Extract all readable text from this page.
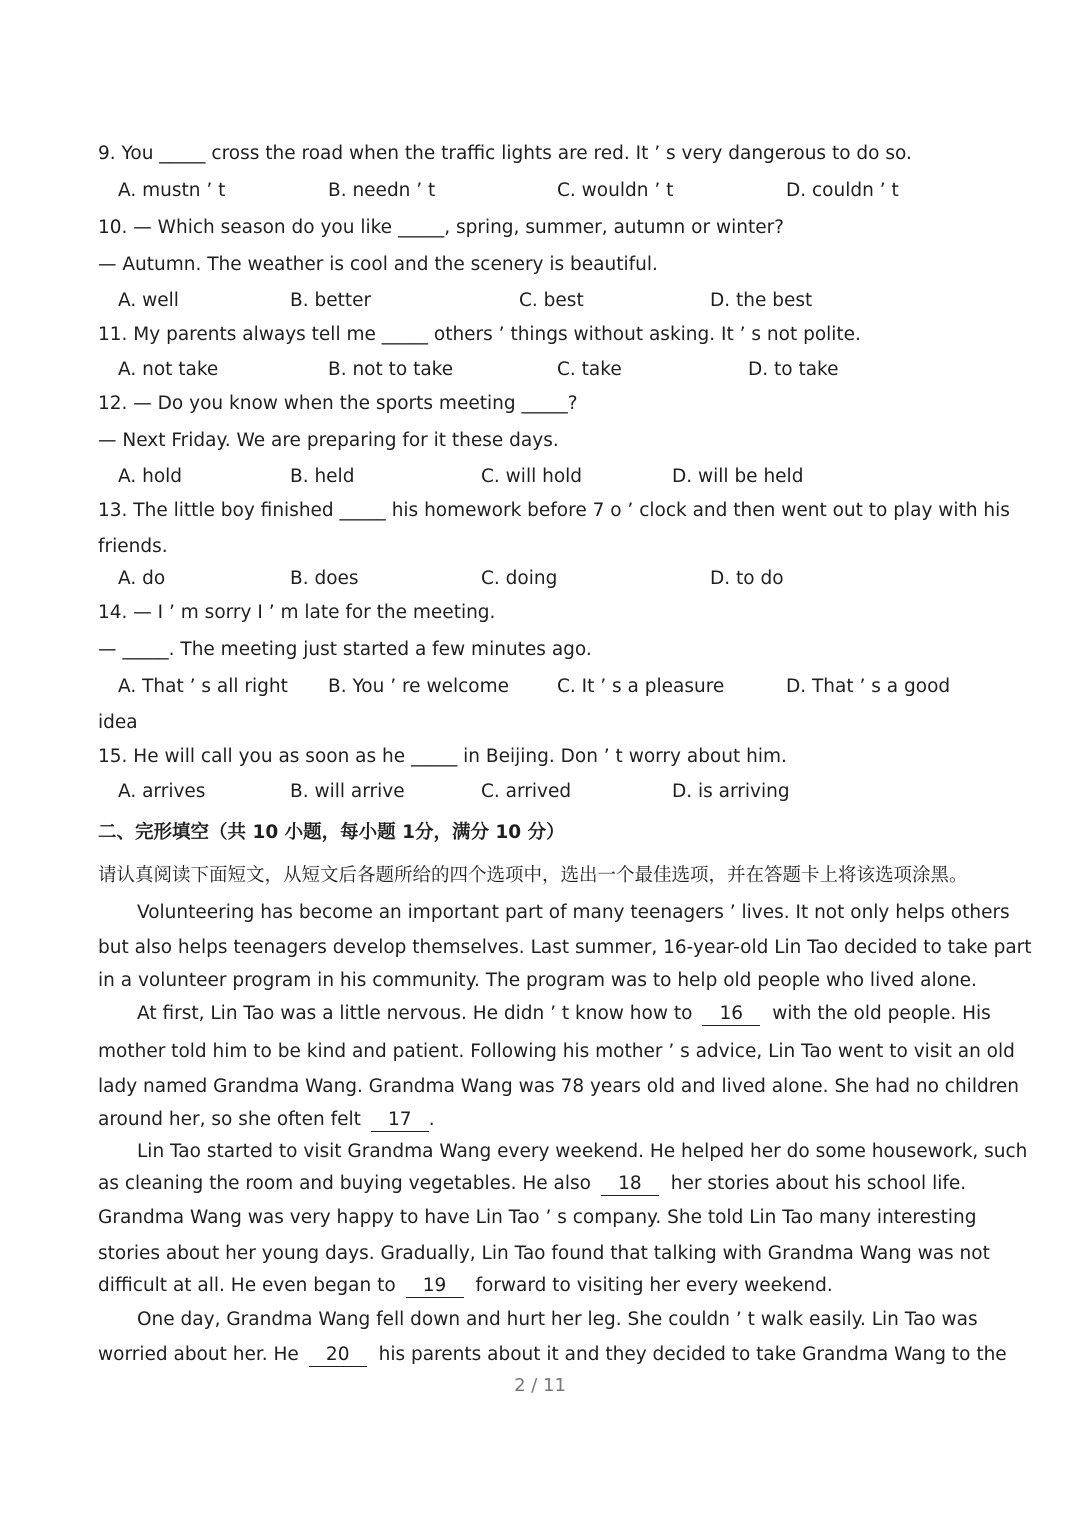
9. You _____ cross the road when the traffic lights are red. It ’ s very dangerous to do so.
A. mustn ’ t	B. needn ’ t	C. wouldn ’ t	D. couldn ’ t
10. — Which season do you like _____, spring, summer, autumn or winter?
— Autumn. The weather is cool and the scenery is beautiful.
A. well	B. better	C. best	D. the best
11. My parents always tell me _____ others ’ things without asking. It ’ s not polite.
A. not take	B. not to take	C. take	D. to take
12. — Do you know when the sports meeting _____?
— Next Friday. We are preparing for it these days.
A. hold	B. held	C. will hold	D. will be held
13. The little boy finished _____ his homework before 7 o ’ clock and then went out to play with his
friends.
A. do	B. does	C. doing	D. to do
14. — I ’ m sorry I ’ m late for the meeting.
— _____. The meeting just started a few minutes ago.
A. That ’ s all right B. You ’ re welcome	C. It ’ s a pleasure	D. That ’ s a good
idea
15. He will call you as soon as he _____ in Beijing. Don ’ t worry about him.
A. arrives	B. will arrive	C. arrived	D. is arriving
二、完形填空（共 10 小题，每小题 1分，满分 10 分）
请认真阅读下面短文，从短文后各题所给的四个选项中，选出一个最佳选项，并在答题卡上将该选项涂黑。
Volunteering has become an important part of many teenagers ’ lives. It not only helps others
but also helps teenagers develop themselves. Last summer, 16-year-old Lin Tao decided to take part
in a volunteer program in his community. The program was to help old people who lived alone.
At first, Lin Tao was a little nervous. He didn ’ t know how to 16 with the old people. His
mother told him to be kind and patient. Following his mother ’ s advice, Lin Tao went to visit an old
lady named Grandma Wang. Grandma Wang was 78 years old and lived alone. She had no children
around her, so she often felt 17 .
Lin Tao started to visit Grandma Wang every weekend. He helped her do some housework, such
as cleaning the room and buying vegetables. He also 18 her stories about his school life.
Grandma Wang was very happy to have Lin Tao ’ s company. She told Lin Tao many interesting
stories about her young days. Gradually, Lin Tao found that talking with Grandma Wang was not
difficult at all. He even began to 19 forward to visiting her every weekend.
One day, Grandma Wang fell down and hurt her leg. She couldn ’ t walk easily. Lin Tao was
worried about her. He 20 his parents about it and they decided to take Grandma Wang to the
2 / 11
